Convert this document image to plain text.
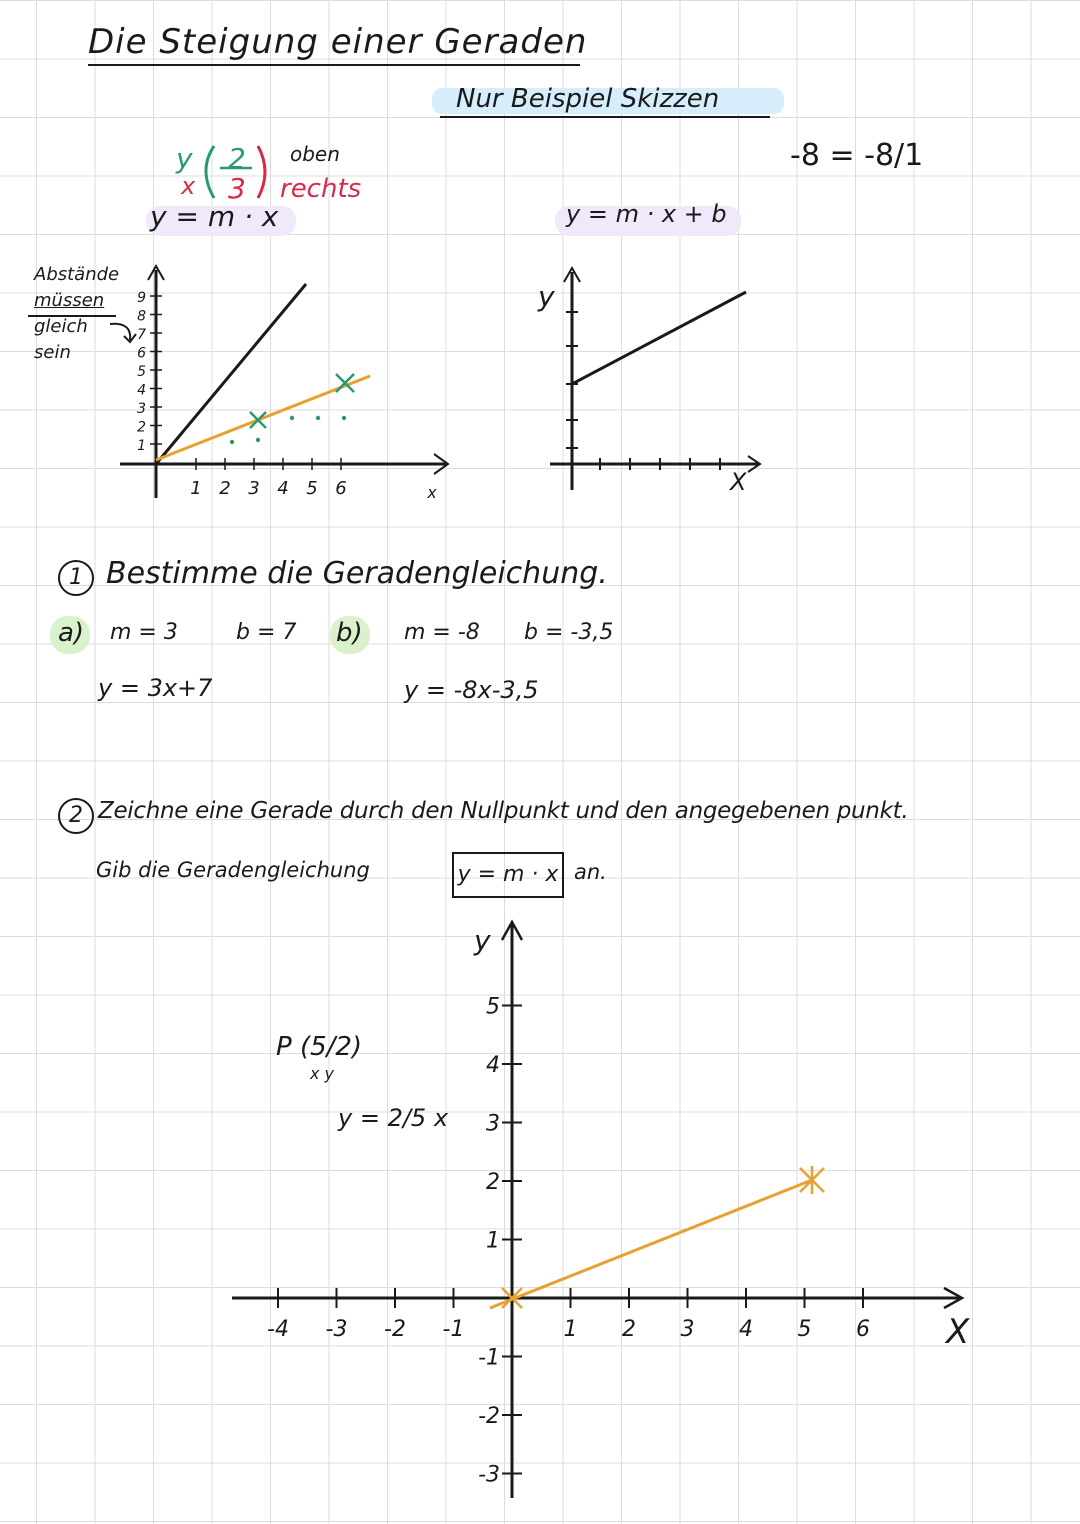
Die Steigung einer Geraden
Nur Beispiel Skizzen
-8 = -8/1
y
x
2
3
oben
rechts
y = m · x
Abstände
müssen
gleich
sein
y = m · x + b
y
X
1 Bestimme die Geradengleichung.
a) m = 3	b = 7
y = 3x+7
b) m = -8 b = -3,5
y = -8x-3,5
2 Zeichne eine Gerade durch den Nullpunkt und den angegebenen punkt.
Gib die Geradengleichung	y = m · x an.
P (5/2)
x y
y = 2/5 x
y
X
9
8
7
6
5
4
3
2
1
1 2 3 4 5 6	x
-4 -3 -2 -1	1 2 3 4 5 6
5
4
3
2
1
-1
-2
-3
